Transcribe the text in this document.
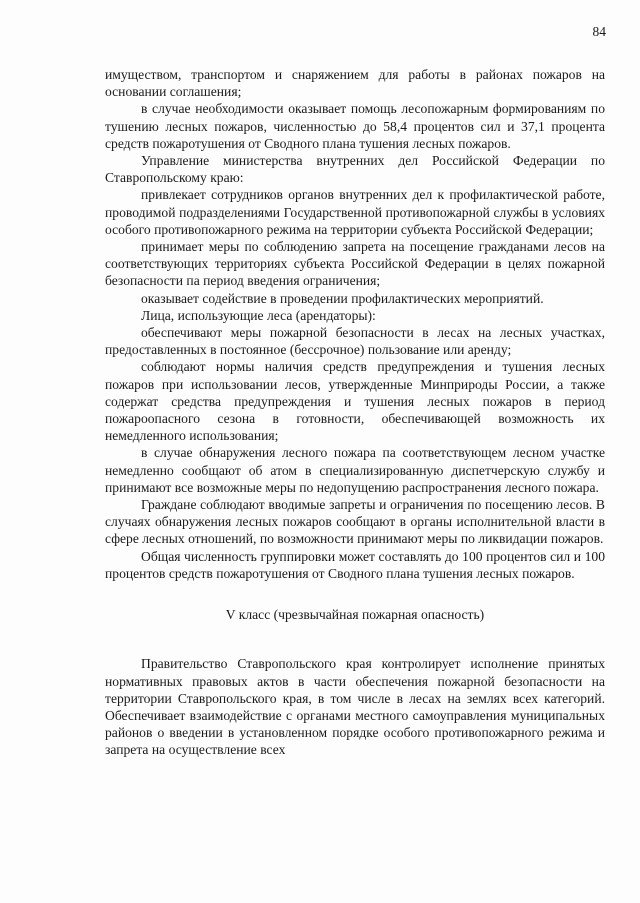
84

имуществом, транспортом и снаряжением для работы в районах пожаров на основании соглашения;

в случае необходимости оказывает помощь лесопожарным формированиям по тушению лесных пожаров, численностью до 58,4 процентов сил и 37,1 процента средств пожаротушения от Сводного плана тушения лесных пожаров.

Управление министерства внутренних дел Российской Федерации по Ставропольскому краю:

привлекает сотрудников органов внутренних дел к профилактической работе, проводимой подразделениями Государственной противопожарной службы в условиях особого противопожарного режима на территории субъекта Российской Федерации;

принимает меры по соблюдению запрета на посещение гражданами лесов на соответствующих территориях субъекта Российской Федерации в целях пожарной безопасности па период введения ограничения;

оказывает содействие в проведении профилактических мероприятий.

Лица, использующие леса (арендаторы):

обеспечивают меры пожарной безопасности в лесах на лесных участках, предоставленных в постоянное (бессрочное) пользование или аренду;

соблюдают нормы наличия средств предупреждения и тушения лесных пожаров при использовании лесов, утвержденные Минприроды России, а также содержат средства предупреждения и тушения лесных пожаров в период пожароопасного сезона в готовности, обеспечивающей возможность их немедленного использования;

в случае обнаружения лесного пожара па соответствующем лесном участке немедленно сообщают об атом в специализированную диспетчерскую службу и принимают все возможные меры по недопущению распространения лесного пожара.

Граждане соблюдают вводимые запреты и ограничения по посещению лесов. В случаях обнаружения лесных пожаров сообщают в органы исполнительной власти в сфере лесных отношений, по возможности принимают меры по ликвидации пожаров.

Общая численность группировки может составлять до 100 процентов сил и 100 процентов средств пожаротушения от Сводного плана тушения лесных пожаров.

V класс (чрезвычайная пожарная опасность)

Правительство Ставропольского края контролирует исполнение принятых нормативных правовых актов в части обеспечения пожарной безопасности на территории Ставропольского края, в том числе в лесах на землях всех категорий. Обеспечивает взаимодействие с органами местного самоуправления муниципальных районов о введении в установленном порядке особого противопожарного режима и запрета на осуществление всех
